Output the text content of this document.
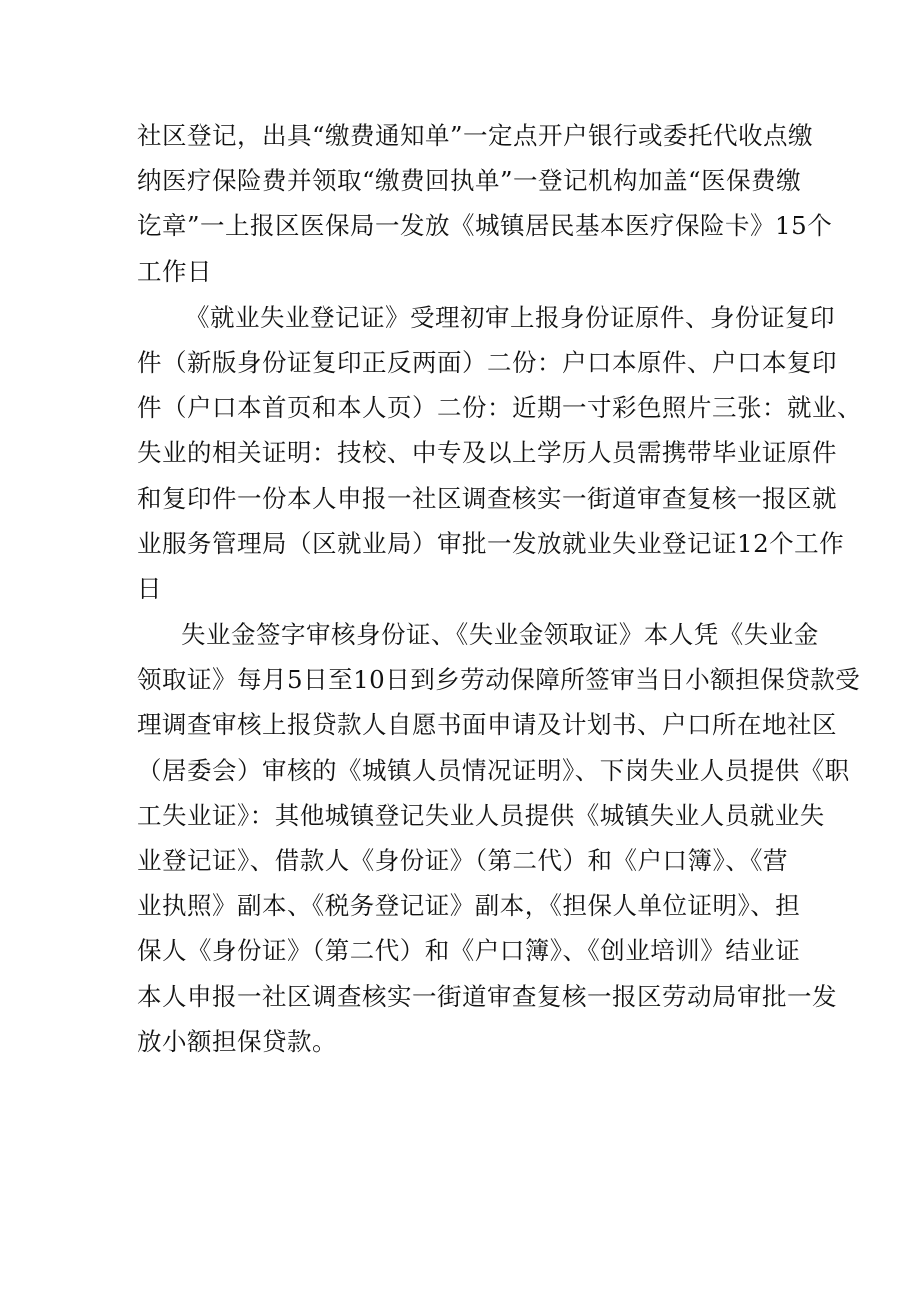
社区登记，出具“缴费通知单”一定点开户银行或委托代收点缴
纳医疗保险费并领取“缴费回执单”一登记机构加盖“医保费缴
讫章”一上报区医保局一发放《城镇居民基本医疗保险卡》15个
工作日
《就业失业登记证》受理初审上报身份证原件、身份证复印
件（新版身份证复印正反两面）二份：户口本原件、户口本复印
件（户口本首页和本人页）二份：近期一寸彩色照片三张：就业、
失业的相关证明：技校、中专及以上学历人员需携带毕业证原件
和复印件一份本人申报一社区调查核实一街道审查复核一报区就
业服务管理局（区就业局）审批一发放就业失业登记证12个工作
日
失业金签字审核身份证、《失业金领取证》本人凭《失业金
领取证》每月5日至10日到乡劳动保障所签审当日小额担保贷款受
理调查审核上报贷款人自愿书面申请及计划书、户口所在地社区
（居委会）审核的《城镇人员情况证明》、下岗失业人员提供《职
工失业证》：其他城镇登记失业人员提供《城镇失业人员就业失
业登记证》、借款人《身份证》（第二代）和《户口簿》、《营
业执照》副本、《税务登记证》副本，《担保人单位证明》、担
保人《身份证》（第二代）和《户口簿》、《创业培训》结业证
本人申报一社区调查核实一街道审查复核一报区劳动局审批一发
放小额担保贷款。
